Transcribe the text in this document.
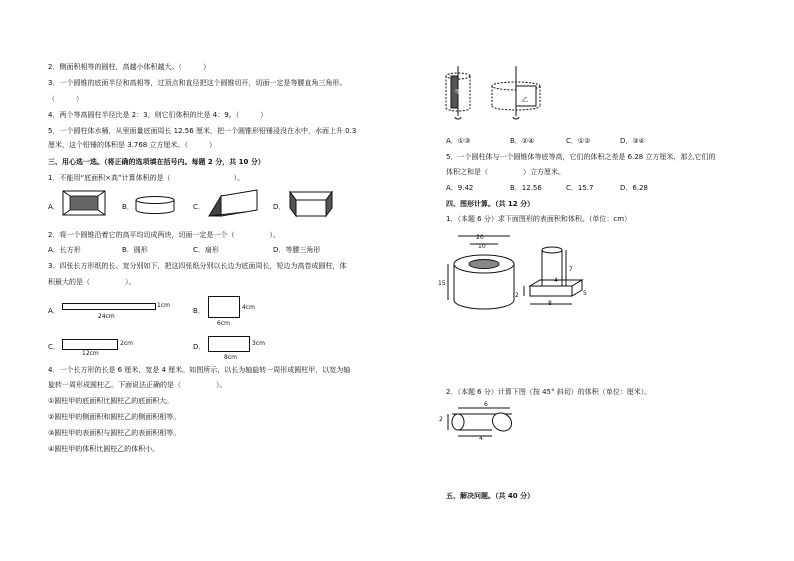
2．侧面积相等的圆柱，高越小体积越大。（　　　）
3．一个圆锥的底面半径和高相等，过顶点和直径把这个圆锥切开，切面一定是等腰直角三角形。
（　　　）
4．两个等高圆柱半径比是 2：3，则它们体积的比是 4：9。（　　　）
5．一个圆柱体水桶，从里面量底面周长 12.56 厘米，把一个圆锥形铅锤浸没在水中，水面上升 0.3
厘米，这个铅锤的体积是 3.768 立方厘米。（　　　）
三、用心选一选。（将正确的选项填在括号内。每题 2 分，共 10 分）
1．不能用“底面积×高”计算体积的是（　　　　　　　　　）。
A．	B．	C．	D．
2．将一个圆锥沿着它的高平均切成两块，切面一定是一个（　　　　　）。
A．长方形	B．圆形	C．扇形	D．等腰三角形
3．四张长方形纸的长、宽分别如下，把这四张纸分别以长边为底面周长，短边为高卷成圆柱，体
积最大的是（　　　　　）。
A．
1cm
24cm
B．	4cm
6cm
C．	2cm
12cm
D．	3cm
8cm
4．一个长方形的长是 6 厘米，宽是 4 厘米。如图所示，以长为轴旋转一周形成圆柱甲，以宽为轴
旋转一周形成圆柱乙。下面说法正确的是（　　　　　）。
①圆柱甲的底面积比圆柱乙的底面积大。
②圆柱甲的侧面积和圆柱乙的侧面积相等。
③圆柱甲的表面积与圆柱乙的表面积相等。
④圆柱甲的体积比圆柱乙的体积小。
甲
乙
A．①③	B．②④	C．①②	D．③④
5．一个圆柱体与一个圆锥体等底等高，它们的体积之差是 6.28 立方厘米，那么它们的
体积之和是（　　　　　）立方厘米。
A．9.42	B．12.56	C．15.7	D．6.28
四、图形计算。（共 12 分）
1．（本题 6 分）求下面图形的表面积和体积。（单位：cm）
20
10
15
7
4
2	5
8
2．（本题 6 分）计算下图（按 45° 斜切）的体积（单位：厘米）。
6
2
4
五、解决问题。（共 40 分）
